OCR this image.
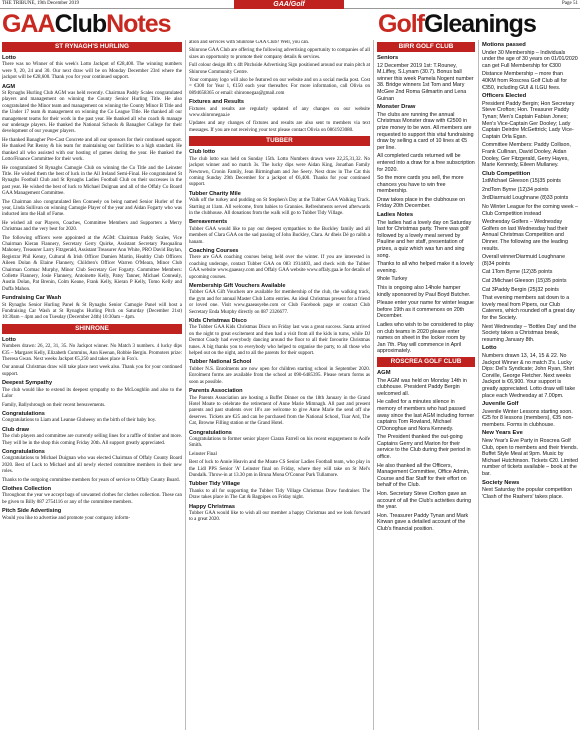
THE TRIBUNE, 19th December 2019	Page 51
GAA/Golf
GAAClubNotes	GolfGleanings
ST RYNAGH'S HURLING
Lotto

There was no Winner of this week's Lotto Jackpot of €28,400. The winning numbers were 9, 20, 24 and 30. Our next draw will be on Monday December 23rd where the jackpot will be €28,600. Thank you for your continued support.

AGM

St Rynaghs Hurling Club AGM was held recently. Chairman Paddy Scales congratulated players and management on winning the County Senior Hurling Title. He also congratulated the Minor team and management on winning the County Minor B Title and the Under 17 team & management on winning the Co League Title. He thanked all our management teams for their work in the past year. He thanked all who coach & manage our underage players. He thanked the National Schools & Banagher College for their development of our younger players.

He thanked Banagher Pre-Cast Concrete and all our sponsors for their continued support. He thanked Pat Renny & his team for maintaining our facilities to a high standard. He thanked all who assisted with our hosting of games during the year. He thanked the Lotto/Finance Committee for their work.

He congratulated St Rynaghs Camogie Club on winning the Co Title and the Leinster Title. He wished them the best of luck in the All Ireland Semi-Final. He congratulated St Rynaghs Football Club and St Rynaghs Ladies Football Club on their successes in the past year. He wished the best of luck to Michael Duignan and all of the Offaly Co Board GAA Management Committee.

The Chairman also congratulated Ben Conneely on being named Senior Hurler of the year, Linda Sullivan on winning Camogie Player of the year and Aidan Fogarty who was inducted into the Hall of Fame.

He wished all our Players, Coaches, Committee Members and Supporters a Merry Christmas and the very best for 2020.

The following officers were appointed at the AGM: Chairman Paddy Scales, Vice Chairman Kieran Flannery, Secretary Gerry Quirke, Assistant Secretary Pasqualina Mahoney, Treasurer Larry Fitzgerald, Assistant Treasurer Ann White, PRO David Baylan, Registrar Phil Kenny, Cultural & Irish Officer Damien Martin, Healthy Club Officers Aileen Dolan & Elaine Flannery, Children's Officer Warren O'Meara, Minor Club Chairman Cormac Murphy, Minor Club Secretary Ger Fogarty. Committee Members: Collette Flannery, Josie Flannery, Antoinette Kelly, Patsy Tanner, Michael Connealy, Austin Dolan, Pat Brenin, Colm Keane, Frank Kelly, Kieran P Kelly, Tomo Kelly and Duffa Mahon.

Fundraising Car Wash

St Rynaghs Senior Hurling Panel & St Rynaghs Senior Camogie Panel will host a Fundraising Car Wash at St Rynaghs Hurling Pitch on Saturday (December 21st) 10:30am – 4pm and on Tuesday (December 24th) 10:30am – 4pm.

SHINRONE
Lotto

Numbers drawn: 26, 22, 31, 35. No Jackpot winner. No Match 3 numbers. 4 lucky dips €35 – Margaret Kelly, Elizabeth Cummins, Ann Keenan, Robbie Bergin. Promoters prize: Theresa Gwan. Next weeks Jackpot €5,250 and takes place in Fox's.

Our annual Christmas draw will take place next week also. Thank you for your continued support.

Deepest Sympathy

The club would like to extend its deepest sympathy to the McLoughlin and also to the Lalor

Family, Ballyshrough on their recent bereavements.

Congratulations

Congratulations to Liam and Leanne Gloheesy on the birth of their baby boy.

Club draw

The club players and committee are currently selling lines for a raffle of timber and more. They will be in the shop this coming Friday 20th. All support greatly appreciated.

Congratulations

Congratulations to Michael Duignan who was elected Chairman of Offaly County Board 2020. Best of Luck to Michael and all newly elected committee members in their new roles.

Thanks to the outgoing committee members for years of service to Offaly County Board.

Clothes Collection

Throughout the year we accept bags of unwanted clothes for clothes collection. These can be given to Billy 087 2754116 or any of the committee members.

Pitch Side Advertising

Would you like to advertise and promote your company inform-

ation and services with Shinrone GAA Club? Well, you can.

Shinrone GAA Club are offering the following advertising opportunity to companies of all sizes an opportunity to promote their company details & services.

Full colour design 8ft x 4ft Pitchside Advertising Sign positioned around our main pitch at Shinrone Community Centre.

Your company logo will also be featured on our website and on a social media post. Cost = €300 for Year 1, €150 each year thereafter. For more information, call Olivia on 0894658365 or email: shinronegaa@gmail.com

Fixtures and Results

Fixtures and results are regularly updated of any changes on our website www.shinronegaa.ie

Updates and any changes of fixtures and results are also sent to members via text messages. If you are not receiving your text please contact Olivia on 0861923080.

TUBBER
Club lotto

The club lotto was held on Sunday 15th. Lotto Numbers drawn were 22,25,31,32. No jackpot winner and no match 3s. The lucky dips were Aidan King, Jonathan Family Newtown, Cronin Family, Jean Birmingham and Joe Seery. Next draw in The Cat this coming Sunday 29th December for a jackpot of €6,400. Thanks for your continued support.

Tubber Charity Mile

Walk off the turkey and pudding on St Stephen's Day at the Tubber GAA Walking Track. Starting at 11am. All welcome, from babies to Grannies. Refreshments served afterwards in the clubhouse. All donations from the walk will go to Tubber Tidy Village.

Bereavements

Tubber GAA would like to pay our deepest sympathies to the Buckley family and all members of Clara GAA on the sad passing of John Buckley, Clara. Ar dheis Dé go raibh a hanam.

Coaching Courses

There are GAA coaching courses being held over the winter. If you are interested in coaching underage, contact Tubber GAA on 083 1914403, and check with the Tubber GAA website www.gaaeasy.com and Offaly GAA website www.offaly.gaa.ie for details of upcoming courses.

Membership Gift Vouchers Available

Tubber GAA Gift Vouchers are available for membership of the club, the walking track, the gym and for annual Master Club Lotto entries. An ideal Christmas present for a friend or loved one. Visit www.gaaeasyebe.com or Club Facebook page or contact Club Secretary Enda Murphy directly on 087 2326677.

Kids Christmas Disco

The Tubber GAA Kids Christmas Disco on Friday last was a great success. Santa arrived on the night to great excitement and then had a visit from all the kids in turns, while DJ Dermot Coady had everybody dancing around the floor to all their favourite Christmas tunes. A big thanks you to everybody who helped to organise the party, to all those who helped out on the night, and to all the parents for their support.

Tubber National School

Tubber N.S. Enrolments are now open for children starting school in September 2020. Enrolment forms are available from the school at 090-6485395. Please return forms as soon as possible.

Parents Association

The Parents Association are hosting a Buffet Dinner on the 18th January in the Grand Hotel Moate to celebrate the retirement of Anne Marie Mimnagh. All past and present parents and past students over 18's are welcome to give Anne Marie the send off she deserves. Tickets are €25 and can be purchased from the National School, Tuar Ard, The Cat, Browne Filling station or the Grand Hotel.

Congratulations

Congratulations to former senior player Ciaran Farrell on his recent engagement to Aoife Smith.

Leinster Final

Best of luck to Annie Heavin and the Moate CS Senior Ladies Football team, who play in the Lidl PPS Senior 'A' Leinster final on Friday, where they will take on St Mel's Dundalk. Throw-in at 13.30 pm in Bruna Mona O'Connor Park Tullamore.

Tubber Tidy Village

Thanks to all for supporting the Tubber Tidy Village Christmas Draw fundraiser. The Draw takes place in The Cat & Bagpipes on Friday night.

Happy Christmas

Tubber GAA would like to wish all our member a happy Christmas and we look forward to a great 2020.

BIRR GOLF CLUB
Seniors

12 December 2019 1st: T.Rouney, M.Liffey, S.Lynam (30.7). Bonus ball winner this week Pamela Nogent number 38. Bridge winners 1st Tom and Mary McGee 2nd Roma Gilmartin and Lena Guinan

Monster Draw

The clubs are running the annual Christmas Monster draw with €2500 in prize money to be won. All members are requested to support this vital fundraising draw by selling a card of 10 lines at €5 per line.

All completed cards returned will be entered into a draw for a free subscription for 2020.

So the more cards you sell, the more chances you have to win free membership.

Draw takes place in the clubhouse on Friday 20th December.

Ladies Notes

The ladies had a lovely day on Saturday last for Christmas party. There was golf followed by a lovely meal served by Pauline and her staff, presentation of prizes, a quiz which was fun and sing song.

Thanks to all who helped make it a lovely evening.

9hole Turkey

This is ongoing also 14hole hamper kindly sponsored by Paul Boyd Butcher.

Please enter your name for winter league before 19th as it commences on 20th December.

Ladies who wish to be considered to play on club teams in 2020 please enter names on sheet in the locker room by Jan 7th. Play will commence in April approximately.

ROSCREA GOLF CLUB
AGM

The AGM was held on Monday 14th in clubhouse. President Paddy Bergin welcomed all.

He called for a minutes silence in memory of members who had passed away since the last AGM including former captains Tom Rowland, Michael O'Donoghue and Nora Kennedy.

The President thanked the out-going Captains Gerry and Marion for their service to the Club during their period in office.

He also thanked all the Officers, Management Committee, Office Admin, Course and Bar Staff for their effort on behalf of the Club.

Hon. Secretary Steve Crofton gave an account of all the Club's activities during the year.

Hon. Treasurer Paddy Tynan and Mark Kirwan gave a detailed account of the Club's financial position.

Motions passed

Under 30 Membership – Individuals under the age of 30 years on 01/01/2020 can get Full Membership for €300

Distance Membership – more than 40KM from Roscrea Golf Club all for €350, including GUI & ILGU fees.

Officers Elected

President Paddy Bergin; Hon Secretary Steve Crofton; Hon. Treasurer Paddy Tynan; Men's Captain Fabian Jones; Men's Vice-Captain Ger Dooley; Lady Captain Deirdre McGettrick; Lady Vice-Captain Orla Egan.

Committee Members: Paddy Collison, Frank Cullinan, David Dooley, Aidan Dooley, Ger Fitzgerald, Gerry Hayes, Marie Kennedy, Eileen Mullaney.

Club Competition

1stMichael Gleeson (15)35 points

2ndTom Byrne (12)34 points

3rdDiarmuid Loughnane (8)33 points

No Winter League for the coming week – Club Competition instead

Wednesday Golfers – Wednesday Golfers on last Wednesday had their Annual Christmas Competition and Dinner. The following are the leading results.

Overall winnerDiarmuid Loughnane (8)34 points

Cat 1Tom Byrne (12)35 points

Cat 2Michael Gleeson (15)35 points

Cat 3Paddy Bergin (25)32 points

That evening members sat down to a lovely meal from Pipers, our Club Caterers, which rounded off a great day for the Society.

Next Wednesday – 'Bottles Day' and the Society takes a Christmas break, resuming January 8th.

Lotto

Numbers drawn 13, 14, 15 & 22. No Jackpot Winner & no match 3's. Lucky Dips: Del's Syndicate; John Ryan, Shirt Corville, George Fletcher. Next weeks Jackpot is €6,900. Your support is greatly appreciated. Lotto draw will take place each Wednesday at 7.00pm.

Juvenile Golf

Juvenile Winter Lessons starting soon. €25 for 8 lessons (members), €35 non-members. Forms in clubhouse.

New Years Eve

New Year's Eve Party in Roscrea Golf Club, open to members and their friends. Buffet Style Meal at 9pm. Music by Michael Hutchinson. Tickets €20. Limited number of tickets available – book at the bar.

Society News

Next Saturday the popular competition 'Clash of the Rashers' takes place.
